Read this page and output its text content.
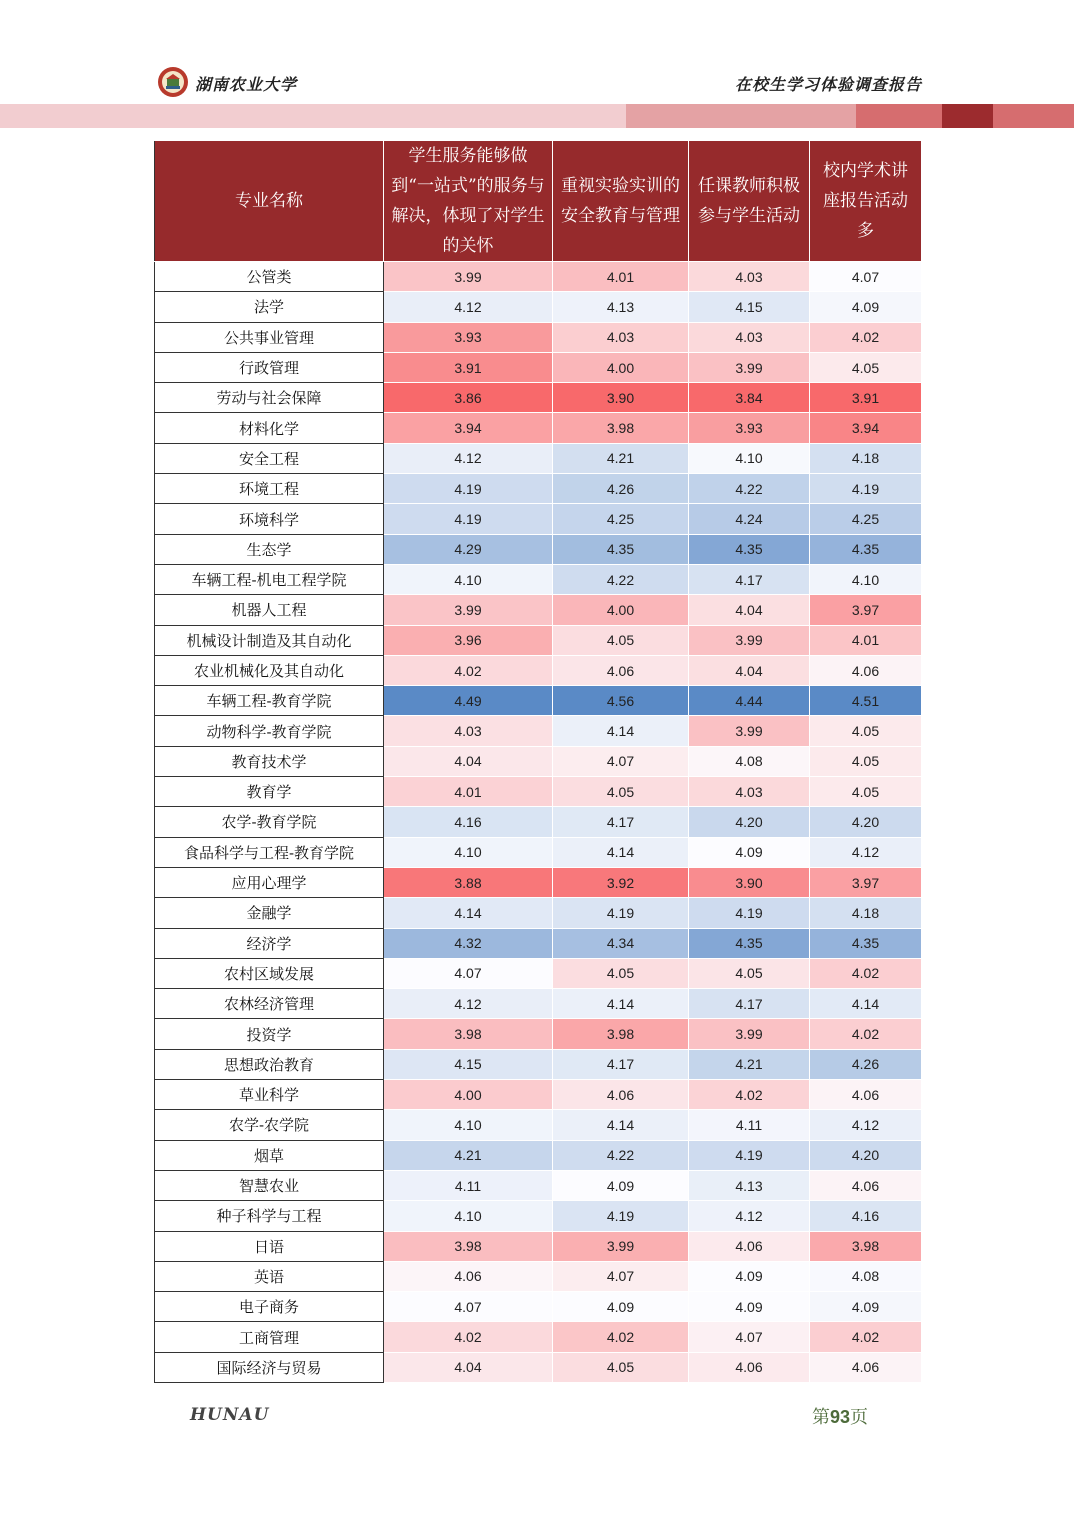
湖南农业大学	在校生学习体验调查报告
专业名称	学生服务能够做到“一站式”的服务与解决，体现了对学生的关怀	重视实验实训的安全教育与管理	任课教师积极参与学生活动	校内学术讲座报告活动多
公管类	3.99	4.01	4.03	4.07
法学	4.12	4.13	4.15	4.09
公共事业管理	3.93	4.03	4.03	4.02
行政管理	3.91	4.00	3.99	4.05
劳动与社会保障	3.86	3.90	3.84	3.91
材料化学	3.94	3.98	3.93	3.94
安全工程	4.12	4.21	4.10	4.18
环境工程	4.19	4.26	4.22	4.19
环境科学	4.19	4.25	4.24	4.25
生态学	4.29	4.35	4.35	4.35
车辆工程-机电工程学院	4.10	4.22	4.17	4.10
机器人工程	3.99	4.00	4.04	3.97
机械设计制造及其自动化	3.96	4.05	3.99	4.01
农业机械化及其自动化	4.02	4.06	4.04	4.06
车辆工程-教育学院	4.49	4.56	4.44	4.51
动物科学-教育学院	4.03	4.14	3.99	4.05
教育技术学	4.04	4.07	4.08	4.05
教育学	4.01	4.05	4.03	4.05
农学-教育学院	4.16	4.17	4.20	4.20
食品科学与工程-教育学院	4.10	4.14	4.09	4.12
应用心理学	3.88	3.92	3.90	3.97
金融学	4.14	4.19	4.19	4.18
经济学	4.32	4.34	4.35	4.35
农村区域发展	4.07	4.05	4.05	4.02
农林经济管理	4.12	4.14	4.17	4.14
投资学	3.98	3.98	3.99	4.02
思想政治教育	4.15	4.17	4.21	4.26
草业科学	4.00	4.06	4.02	4.06
农学-农学院	4.10	4.14	4.11	4.12
烟草	4.21	4.22	4.19	4.20
智慧农业	4.11	4.09	4.13	4.06
种子科学与工程	4.10	4.19	4.12	4.16
日语	3.98	3.99	4.06	3.98
英语	4.06	4.07	4.09	4.08
电子商务	4.07	4.09	4.09	4.09
工商管理	4.02	4.02	4.07	4.02
国际经济与贸易	4.04	4.05	4.06	4.06
HUNAU	第93页
